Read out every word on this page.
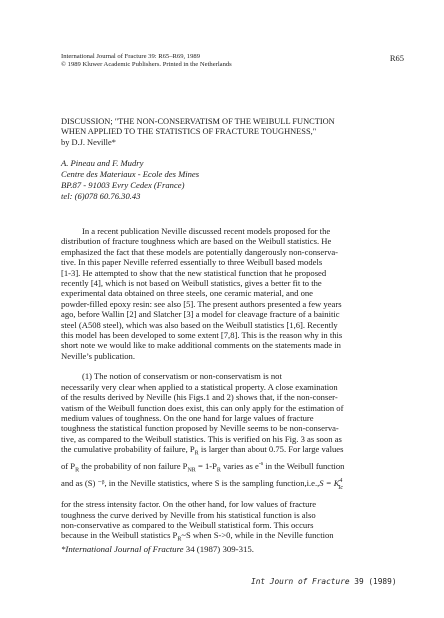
International Journal of Fracture 39: R65–R69, 1989
© 1989 Kluwer Academic Publishers. Printed in the Netherlands
R65
DISCUSSION; "THE NON-CONSERVATISM OF THE WEIBULL FUNCTION
WHEN APPLIED TO THE STATISTICS OF FRACTURE TOUGHNESS,"
by D.J. Neville*
A. Pineau and F. Mudry
Centre des Materiaux - Ecole des Mines
BP.87 - 91003 Evry Cedex (France)
tel: (6)078 60.76.30.43
In a recent publication Neville discussed recent models proposed for the
distribution of fracture toughness which are based on the Weibull statistics. He
emphasized the fact that these models are potentially dangerously non-conserva-
tive. In this paper Neville referred essentially to three Weibull based models
[1-3]. He attempted to show that the new statistical function that he proposed
recently [4], which is not based on Weibull statistics, gives a better fit to the
experimental data obtained on three steels, one ceramic material, and one
powder-filled epoxy resin: see also [5]. The present authors presented a few years
ago, before Wallin [2] and Slatcher [3] a model for cleavage fracture of a bainitic
steel (A508 steel), which was also based on the Weibull statistics [1,6]. Recently
this model has been developed to some extent [7,8]. This is the reason why in this
short note we would like to make additional comments on the statements made in
Neville’s publication.
(1) The notion of conservatism or non-conservatism is not
necessarily very clear when applied to a statistical property. A close examination
of the results derived by Neville (his Figs.1 and 2) shows that, if the non-conser-
vatism of the Weibull function does exist, this can only apply for the estimation of
medium values of toughness. On the one hand for large values of fracture
toughness the statistical function proposed by Neville seems to be non-conserva-
tive, as compared to the Weibull statistics. This is verified on his Fig. 3 as soon as
the cumulative probability of failure, $P_R$ is larger than about 0.75. For large values
of $P_R$ the probability of non failure $P_{NR} = 1-P_R$ varies as $e^{-s}$ in the Weibull function
and as (S) ⁻ᵝ, in the Neville statistics, where S is the sampling function,i.e.,S = $K^4_{Ic}$
for the stress intensity factor. On the other hand, for low values of fracture
toughness the curve derived by Neville from his statistical function is also
non-conservative as compared to the Weibull statistical form. This occurs
because in the Weibull statistics $P_R\sim S$ when S->0, while in the Neville function
*International Journal of Fracture 34 (1987) 309-315.
Int Journ of Fracture 39 (1989)
